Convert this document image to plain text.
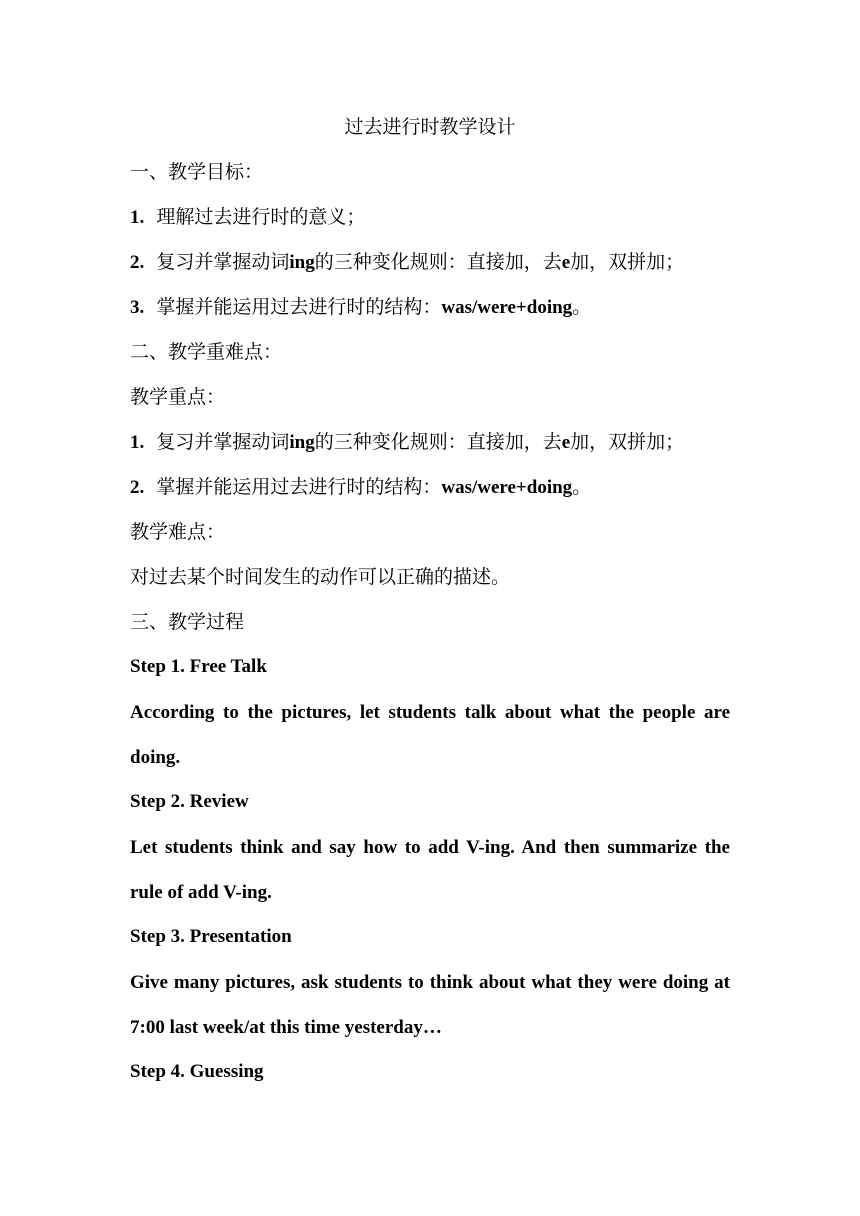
过去进行时教学设计
一、教学目标：
1. 理解过去进行时的意义；
2. 复习并掌握动词ing的三种变化规则：直接加，去e加，双拼加；
3. 掌握并能运用过去进行时的结构：was/were+doing。
二、教学重难点：
教学重点：
1. 复习并掌握动词ing的三种变化规则：直接加，去e加，双拼加；
2. 掌握并能运用过去进行时的结构：was/were+doing。
教学难点：
对过去某个时间发生的动作可以正确的描述。
三、教学过程
Step 1. Free Talk
According to the pictures, let students talk about what the people are doing.
Step 2. Review
Let students think and say how to add V-ing. And then summarize the rule of add V-ing.
Step 3. Presentation
Give many pictures, ask students to think about what they were doing at 7:00 last week/at this time yesterday…
Step 4. Guessing
